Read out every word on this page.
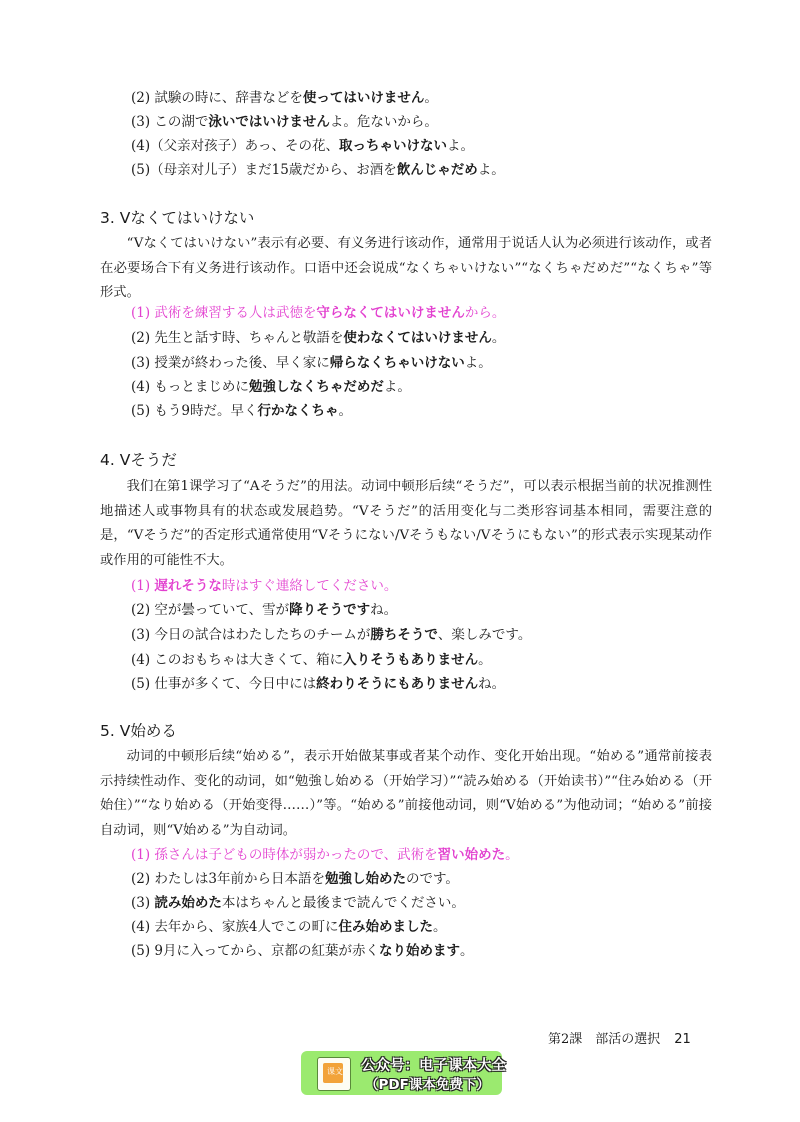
(2) 試験の時に、辞書などを使ってはいけません。
(3) この湖で泳いではいけませんよ。危ないから。
(4)（父亲对孩子）あっ、その花、取っちゃいけないよ。
(5)（母亲对儿子）まだ15歳だから、お酒を飲んじゃだめよ。
3. Vなくてはいけない
“Vなくてはいけない”表示有必要、有义务进行该动作，通常用于说话人认为必须进行该动作，或者在必要场合下有义务进行该动作。口语中还会说成“なくちゃいけない”“なくちゃだめだ”“なくちゃ”等形式。
(1) 武術を練習する人は武徳を守らなくてはいけませんから。
(2) 先生と話す時、ちゃんと敬語を使わなくてはいけません。
(3) 授業が終わった後、早く家に帰らなくちゃいけないよ。
(4) もっとまじめに勉強しなくちゃだめだよ。
(5) もう9時だ。早く行かなくちゃ。
4. Vそうだ
我们在第1课学习了“Aそうだ”的用法。动词中顿形后续“そうだ”，可以表示根据当前的状况推测性地描述人或事物具有的状态或发展趋势。“Vそうだ”的活用变化与二类形容词基本相同，需要注意的是，“Vそうだ”的否定形式通常使用“Vそうにない/Vそうもない/Vそうにもない”的形式表示实现某动作或作用的可能性不大。
(1) 遅れそうな時はすぐ連絡してください。
(2) 空が曇っていて、雪が降りそうですね。
(3) 今日の試合はわたしたちのチームが勝ちそうで、楽しみです。
(4) このおもちゃは大きくて、箱に入りそうもありません。
(5) 仕事が多くて、今日中には終わりそうにもありませんね。
5. V始める
动词的中顿形后续“始める”，表示开始做某事或者某个动作、变化开始出现。“始める”通常前接表示持续性动作、变化的动词，如“勉強し始める（开始学习）”“読み始める（开始读书）”“住み始める（开始住）”“なり始める（开始变得……）”等。“始める”前接他动词，则“V始める”为他动词；“始める”前接自动词，则“V始める”为自动词。
(1) 孫さんは子どもの時体が弱かったので、武術を習い始めた。
(2) わたしは3年前から日本語を勉強し始めたのです。
(3) 読み始めた本はちゃんと最後まで読んでください。
(4) 去年から、家族4人でこの町に住み始めました。
(5) 9月に入ってから、京都の紅葉が赤くなり始めます。
第2課　部活の選択 21
课文 公众号：电子课本大全
（PDF课本免费下）
